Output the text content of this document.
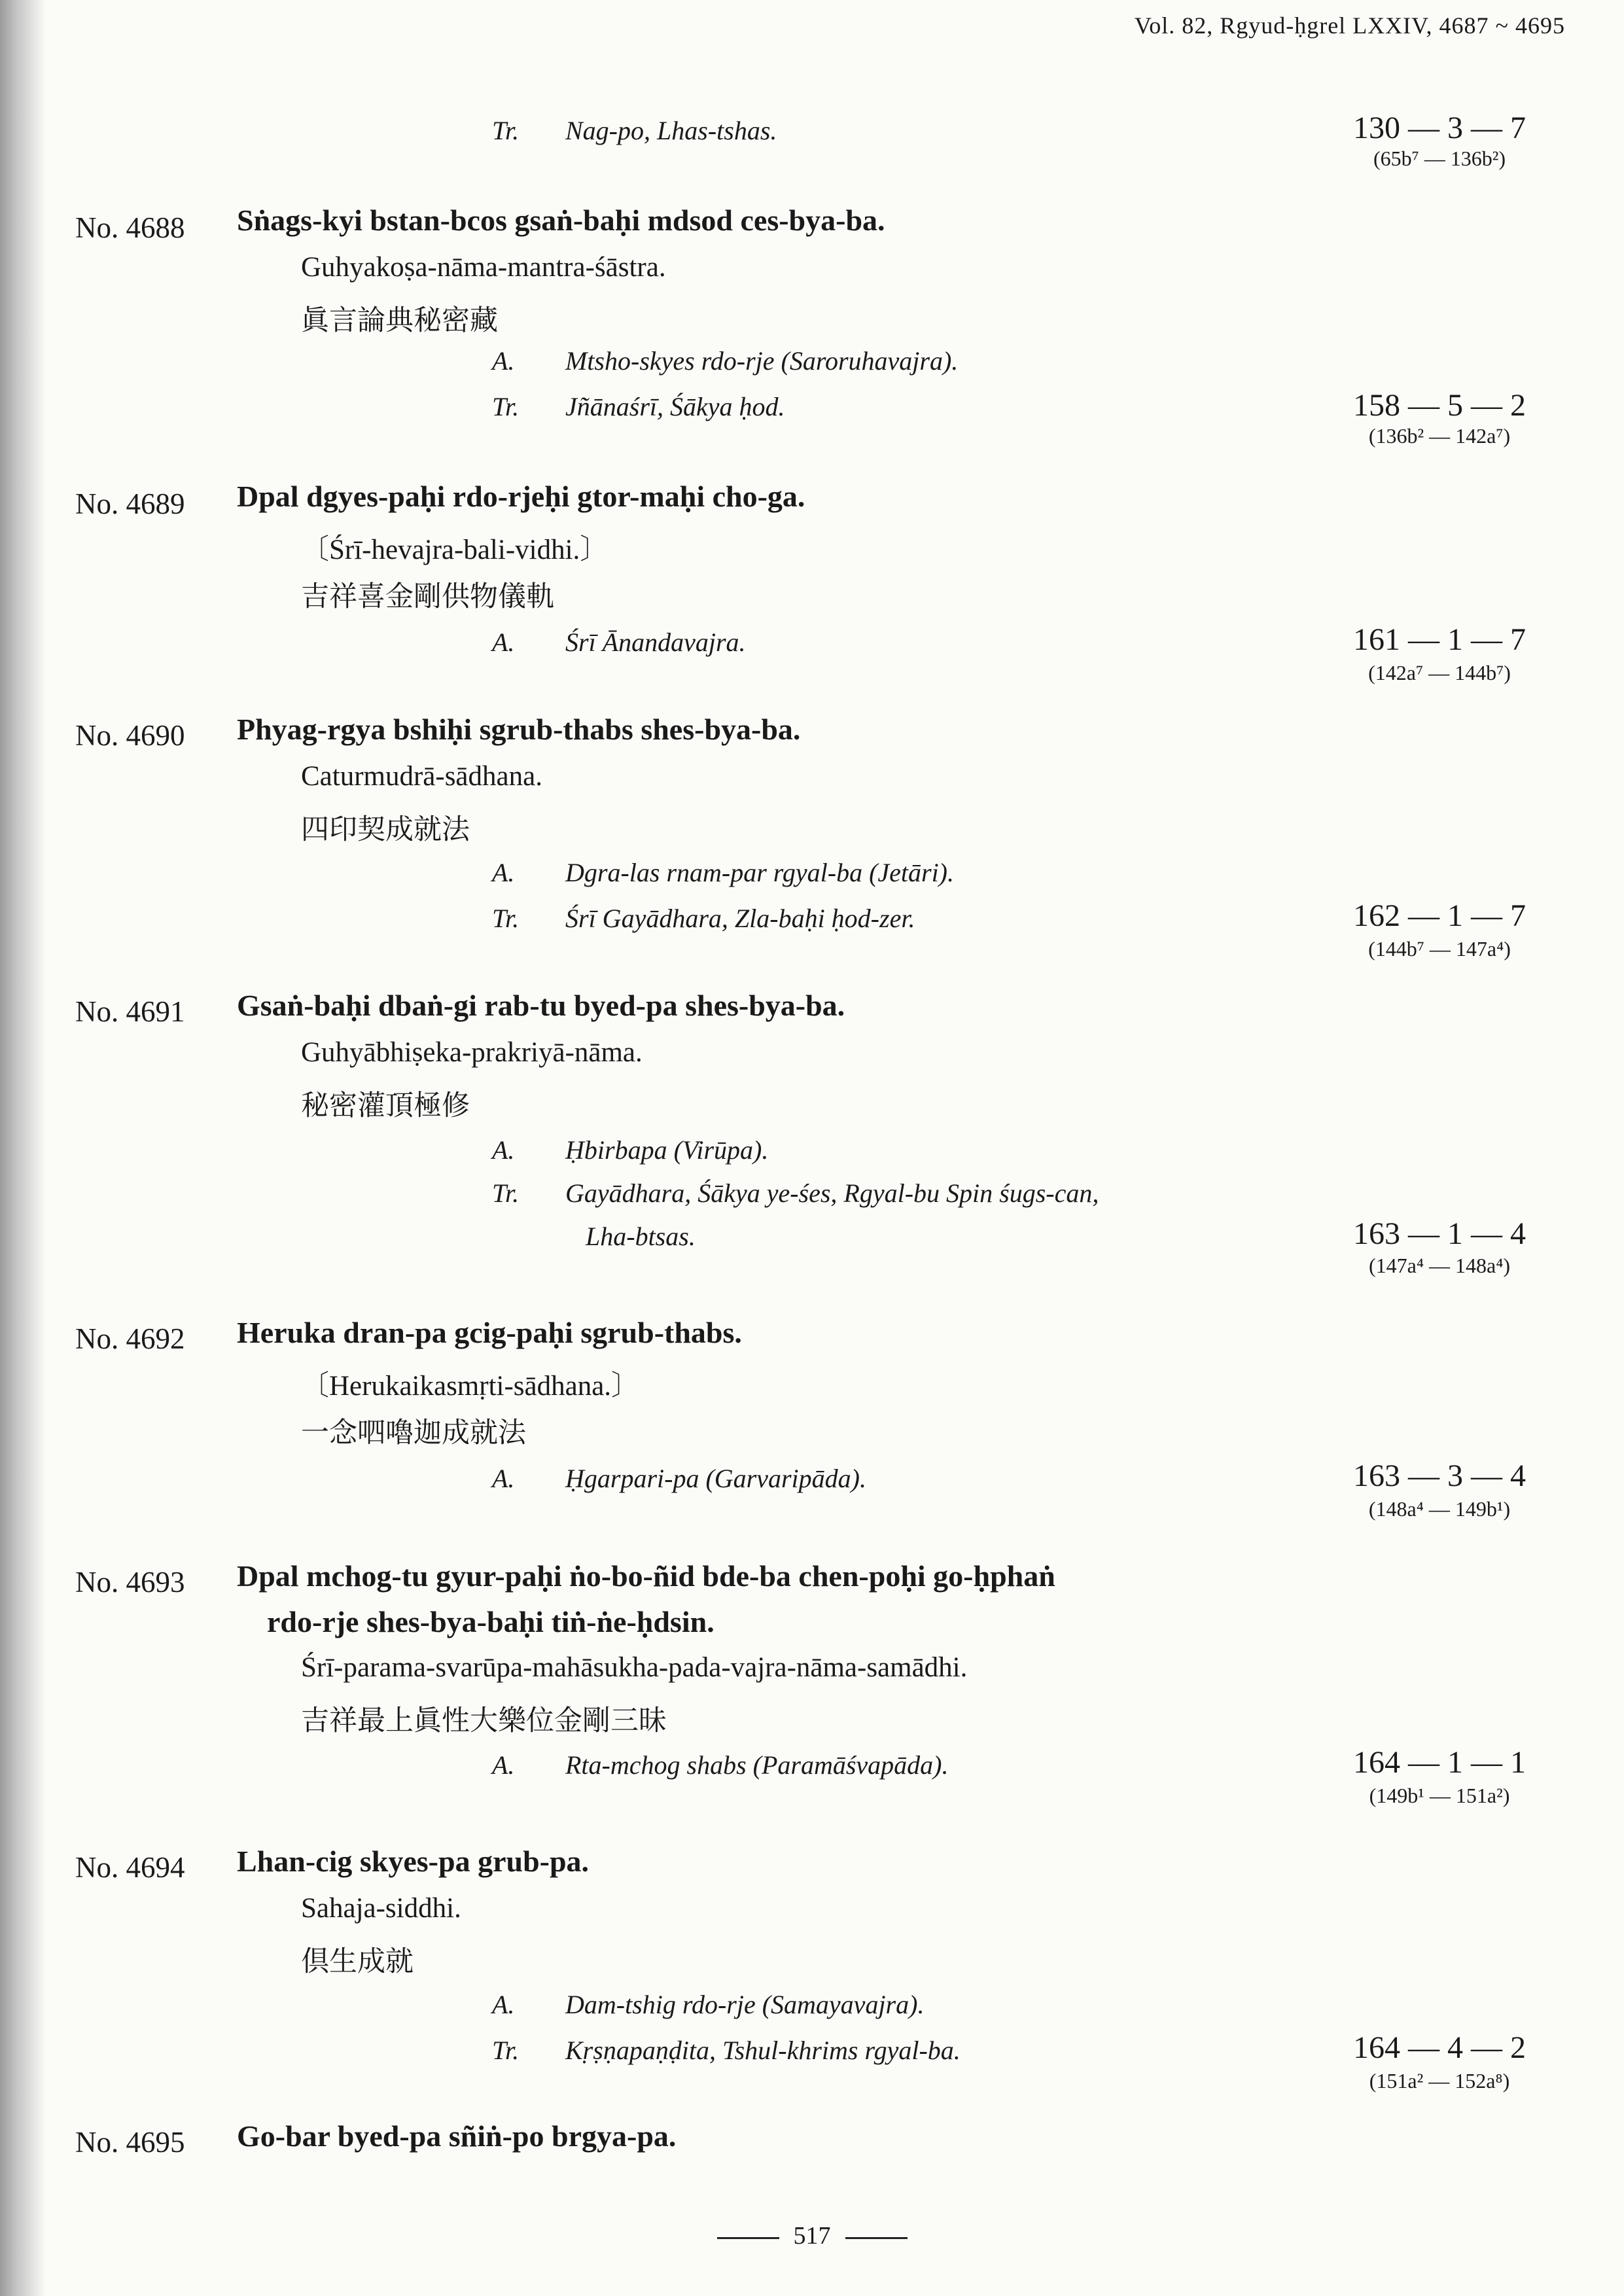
Vol. 82, Rgyud-ḥgrel LXXIV, 4687 ~ 4695
Tr. Nag-po, Lhas-tshas.	130 — 3 — 7
(65b⁷ — 136b²)
No. 4688 Sṅags-kyi bstan-bcos gsaṅ-baḥi mdsod ces-bya-ba.
Guhyakoṣa-nāma-mantra-śāstra.
眞言論典秘密藏
A. Mtsho-skyes rdo-rje (Saroruhavajra).
Tr. Jñānaśrī, Śākya ḥod.	158 — 5 — 2
(136b² — 142a⁷)
No. 4689 Dpal dgyes-paḥi rdo-rjeḥi gtor-maḥi cho-ga.
〔Śrī-hevajra-bali-vidhi.〕
吉祥喜金剛供物儀軌
A. Śrī Ānandavajra.	161 — 1 — 7
(142a⁷ — 144b⁷)
No. 4690 Phyag-rgya bshiḥi sgrub-thabs shes-bya-ba.
Caturmudrā-sādhana.
四印契成就法
A. Dgra-las rnam-par rgyal-ba (Jetāri).
Tr. Śrī Gayādhara, Zla-baḥi ḥod-zer.	162 — 1 — 7
(144b⁷ — 147a⁴)
No. 4691 Gsaṅ-baḥi dbaṅ-gi rab-tu byed-pa shes-bya-ba.
Guhyābhiṣeka-prakriyā-nāma.
秘密灌頂極修
A. Ḥbirbapa (Virūpa).
Tr. Gayādhara, Śākya ye-śes, Rgyal-bu Spin śugs-can,
Lha-btsas.	163 — 1 — 4
(147a⁴ — 148a⁴)
No. 4692 Heruka dran-pa gcig-paḥi sgrub-thabs.
〔Herukaikasmṛti-sādhana.〕
一念呬嚕迦成就法
A. Ḥgarpari-pa (Garvaripāda).	163 — 3 — 4
(148a⁴ — 149b¹)
No. 4693 Dpal mchog-tu gyur-paḥi ṅo-bo-ñid bde-ba chen-poḥi go-ḥphaṅ
rdo-rje shes-bya-baḥi tiṅ-ṅe-ḥdsin.
Śrī-parama-svarūpa-mahāsukha-pada-vajra-nāma-samādhi.
吉祥最上眞性大樂位金剛三昧
A. Rta-mchog shabs (Paramāśvapāda).	164 — 1 — 1
(149b¹ — 151a²)
No. 4694 Lhan-cig skyes-pa grub-pa.
Sahaja-siddhi.
倶生成就
A. Dam-tshig rdo-rje (Samayavajra).
Tr. Kṛṣṇapaṇḍita, Tshul-khrims rgyal-ba.	164 — 4 — 2
(151a² — 152a⁸)
No. 4695 Go-bar byed-pa sñiṅ-po brgya-pa.
517
